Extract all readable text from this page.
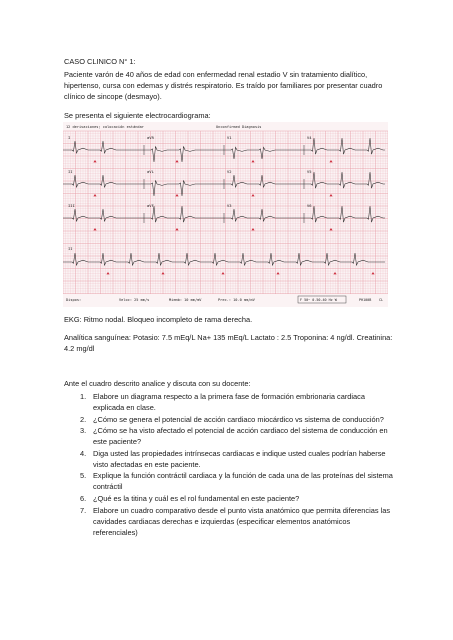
CASO CLINICO N° 1:
Paciente varón de 40 años de edad con enfermedad renal estadio V sin tratamiento dialítico, hipertenso, cursa con edemas y distrés respiratorio. Es traído por familiares por presentar cuadro clínico de sincope (desmayo).
Se presenta el siguiente electrocardiograma:
12 derivaciones; colocación estándar	Unconfirmed Diagnosis
I	aVR	V1	V4
II	aVL	V2	V5
III	aVF	V3	V6
II
Dispos:	Veloc: 25 mm/s	Miemb: 10 mm/mV	Prec.: 10.0 mm/mV	F 50~ 0.50-40 Hz W	PH100B CL
EKG: Ritmo nodal. Bloqueo incompleto de rama derecha.
Analítica sanguínea: Potasio: 7.5 mEq/L Na+ 135 mEq/L Lactato : 2.5 Troponina: 4 ng/dl. Creatinina: 4.2 mg/dl
Ante el cuadro descrito analice y discuta con su docente:
1. Elabore un diagrama respecto a la primera fase de formación embrionaria cardiaca explicada en clase.
2. ¿Cómo se genera el potencial de acción cardiaco miocárdico vs sistema de conducción?
3. ¿Cómo se ha visto afectado el potencial de acción cardiaco del sistema de conducción en este paciente?
4. Diga usted las propiedades intrínsecas cardiacas e indique usted cuales podrían haberse visto afectadas en este paciente.
5. Explique la función contráctil cardiaca y la función de cada una de las proteínas del sistema contráctil
6. ¿Qué es la titina y cuál es el rol fundamental en este paciente?
7. Elabore un cuadro comparativo desde el punto vista anatómico que permita diferencias las cavidades cardiacas derechas e izquierdas (especificar elementos anatómicos referenciales)
